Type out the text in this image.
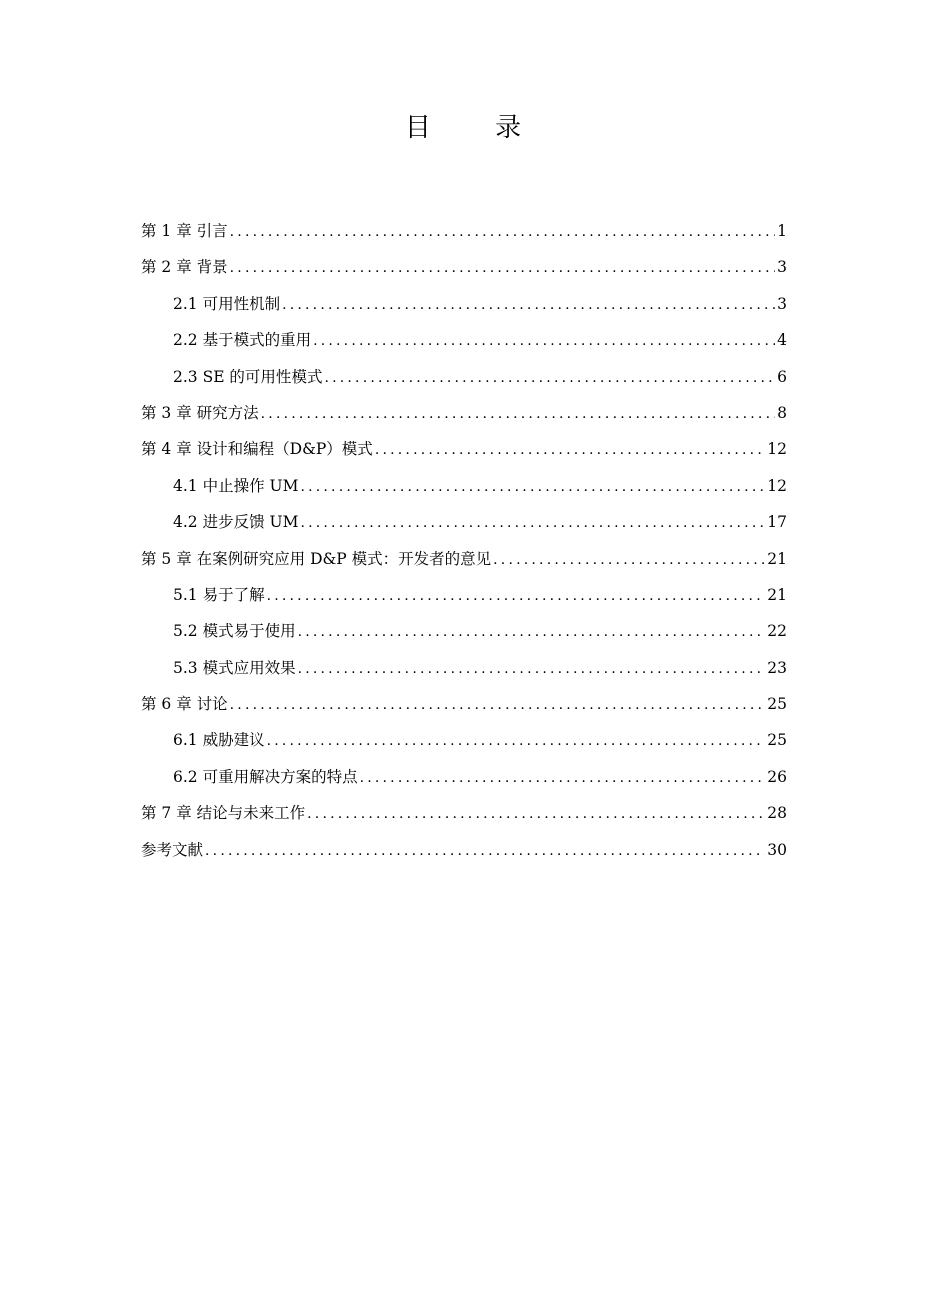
目 录
第 1 章 引言 .....	1
第 2 章 背景 .....	3
2.1 可用性机制 .....	3
2.2 基于模式的重用 .....	4
2.3 SE 的可用性模式 .....	6
第 3 章 研究方法 .....	8
第 4 章 设计和编程（D&P）模式 .....	12
4.1 中止操作 UM .....	12
4.2 进步反馈 UM .....	17
第 5 章 在案例研究应用 D&P 模式：开发者的意见 .....	21
5.1 易于了解 .....	21
5.2 模式易于使用 .....	22
5.3 模式应用效果 .....	23
第 6 章 讨论 .....	25
6.1 威胁建议 .....	25
6.2 可重用解决方案的特点 .....	26
第 7 章 结论与未来工作 .....	28
参考文献 .....	30
